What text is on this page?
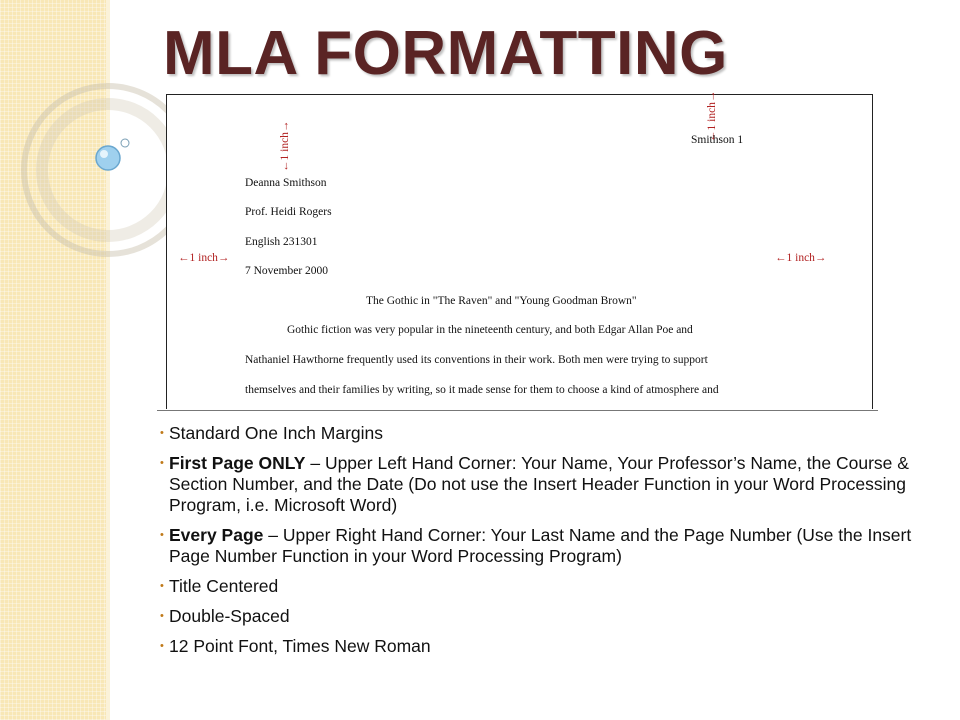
MLA FORMATTING
Smithson 1
Deanna Smithson
Prof. Heidi Rogers
English 231301
7 November 2000
The Gothic in "The Raven" and "Young Goodman Brown"
Gothic fiction was very popular in the nineteenth century, and both Edgar Allan Poe and
Nathaniel Hawthorne frequently used its conventions in their work. Both men were trying to support
themselves and their families by writing, so it made sense for them to choose a kind of atmosphere and
←1 inch→
←1 inch→
←1 inch→	←1 inch→
• Standard One Inch Margins
• First Page ONLY – Upper Left Hand Corner: Your Name, Your Professor’s Name, the Course & Section Number, and the Date (Do not use the Insert Header Function in your Word Processing Program, i.e. Microsoft Word)
• Every Page – Upper Right Hand Corner: Your Last Name and the Page Number (Use the Insert Page Number Function in your Word Processing Program)
• Title Centered
• Double-Spaced
• 12 Point Font, Times New Roman
